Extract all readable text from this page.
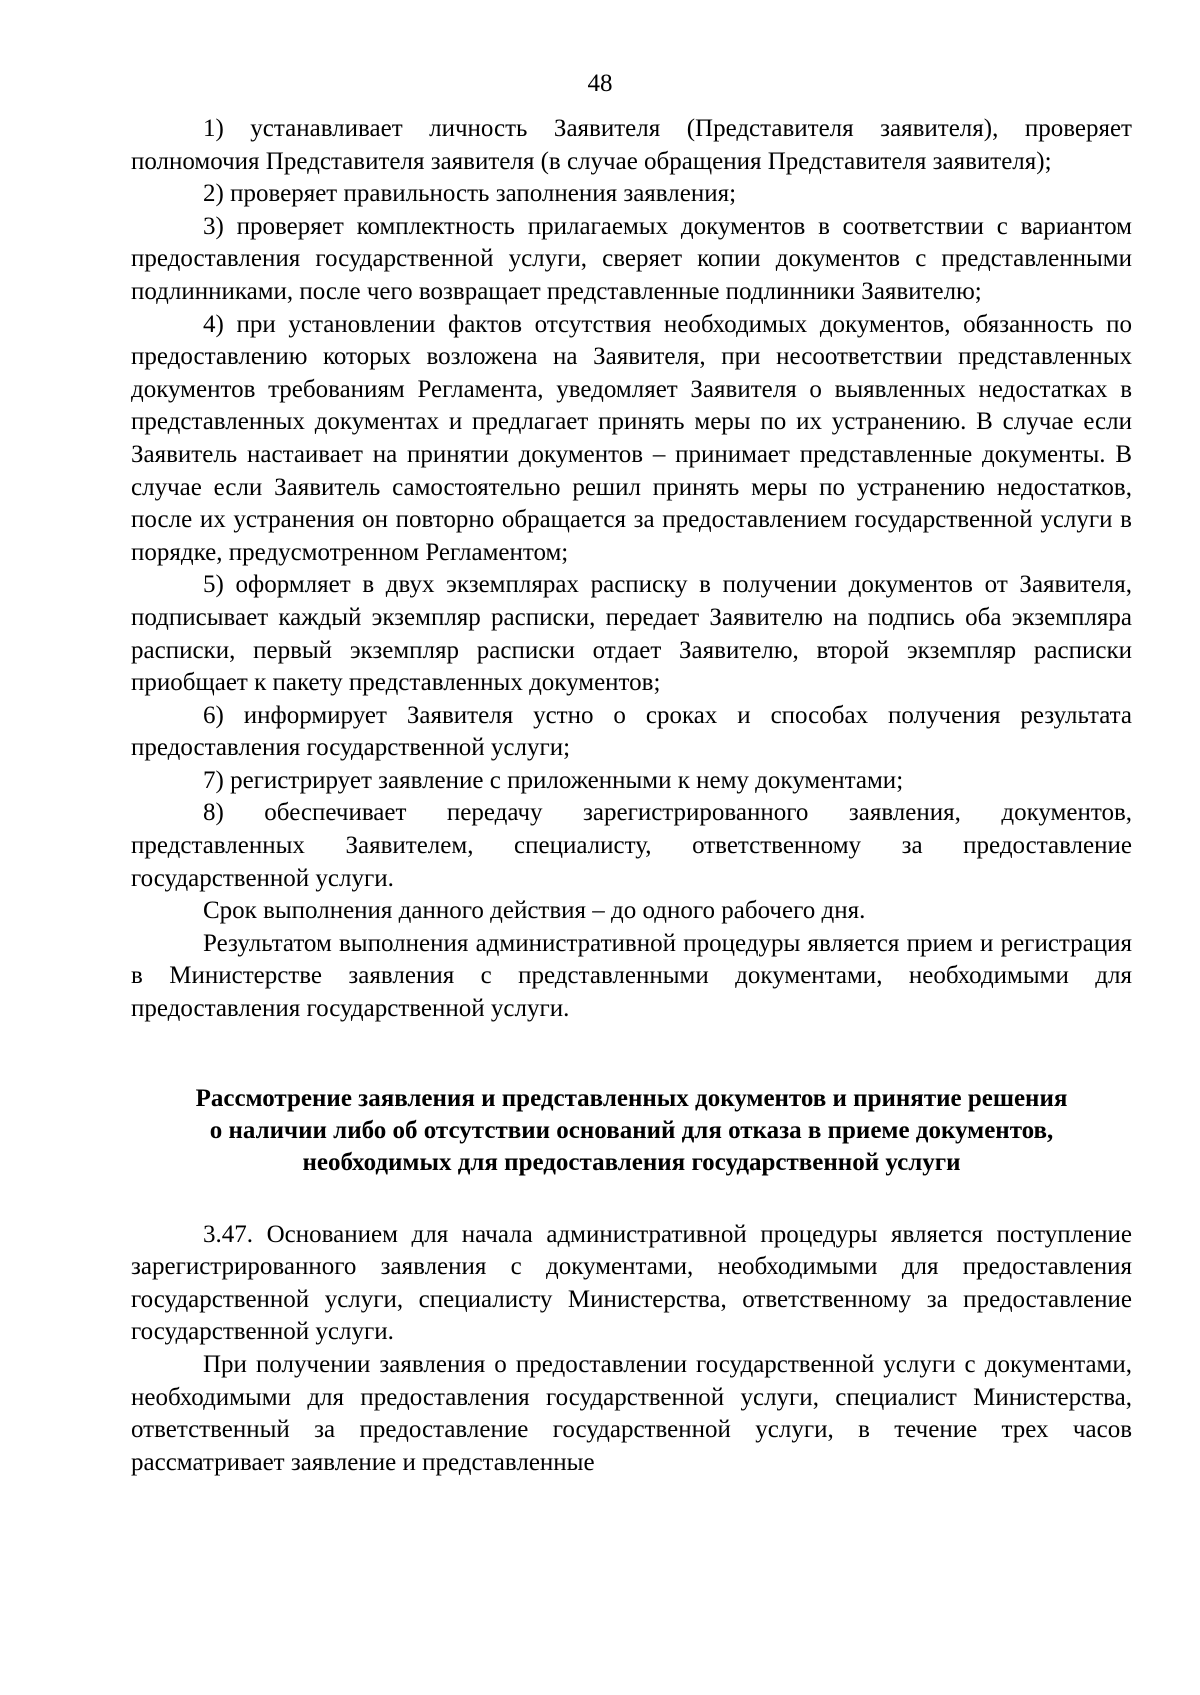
48

1) устанавливает личность Заявителя (Представителя заявителя), проверяет полномочия Представителя заявителя (в случае обращения Представителя заявителя);

2) проверяет правильность заполнения заявления;

3) проверяет комплектность прилагаемых документов в соответствии с вариантом предоставления государственной услуги, сверяет копии документов с представленными подлинниками, после чего возвращает представленные подлинники Заявителю;

4) при установлении фактов отсутствия необходимых документов, обязанность по предоставлению которых возложена на Заявителя, при несоответствии представленных документов требованиям Регламента, уведомляет Заявителя о выявленных недостатках в представленных документах и предлагает принять меры по их устранению. В случае если Заявитель настаивает на принятии документов – принимает представленные документы. В случае если Заявитель самостоятельно решил принять меры по устранению недостатков, после их устранения он повторно обращается за предоставлением государственной услуги в порядке, предусмотренном Регламентом;

5) оформляет в двух экземплярах расписку в получении документов от Заявителя, подписывает каждый экземпляр расписки, передает Заявителю на подпись оба экземпляра расписки, первый экземпляр расписки отдает Заявителю, второй экземпляр расписки приобщает к пакету представленных документов;

6) информирует Заявителя устно о сроках и способах получения результата предоставления государственной услуги;

7) регистрирует заявление с приложенными к нему документами;

8) обеспечивает передачу зарегистрированного заявления, документов, представленных Заявителем, специалисту, ответственному за предоставление государственной услуги.

Срок выполнения данного действия – до одного рабочего дня.

Результатом выполнения административной процедуры является прием и регистрация в Министерстве заявления с представленными документами, необходимыми для предоставления государственной услуги.

Рассмотрение заявления и представленных документов и принятие решения
о наличии либо об отсутствии оснований для отказа в приеме документов,
необходимых для предоставления государственной услуги

3.47. Основанием для начала административной процедуры является поступление зарегистрированного заявления с документами, необходимыми для предоставления государственной услуги, специалисту Министерства, ответственному за предоставление государственной услуги.

При получении заявления о предоставлении государственной услуги с документами, необходимыми для предоставления государственной услуги, специалист Министерства, ответственный за предоставление государственной услуги, в течение трех часов рассматривает заявление и представленные
